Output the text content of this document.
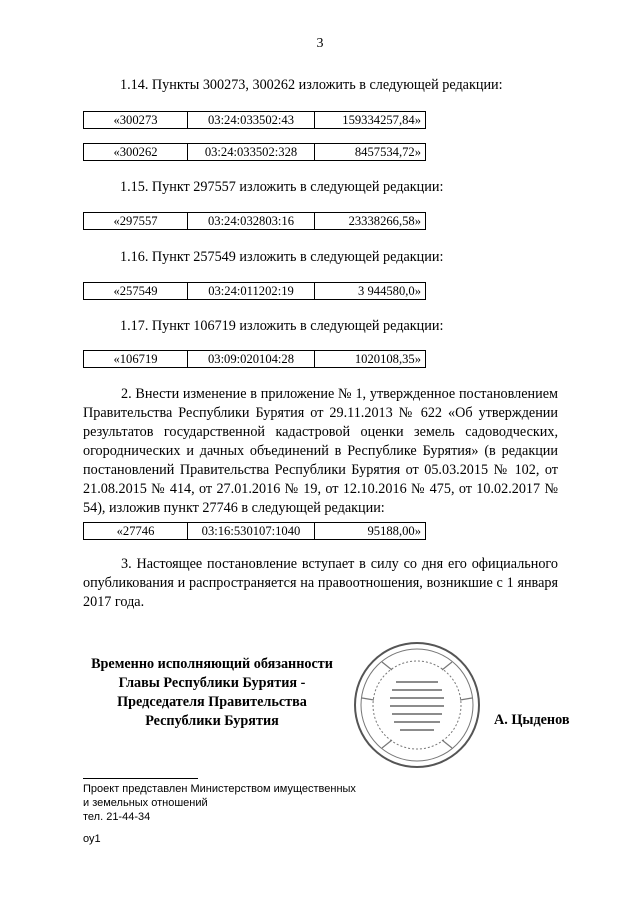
3

1.14. Пункты 300273, 300262 изложить в следующей редакции:

«300273	03:24:033502:43	159334257,84»
«300262	03:24:033502:328	8457534,72»

1.15. Пункт 297557 изложить в следующей редакции:

«297557	03:24:032803:16	23338266,58»

1.16. Пункт 257549 изложить в следующей редакции:

«257549	03:24:011202:19	3 944580,0»

1.17. Пункт 106719 изложить в следующей редакции:

«106719	03:09:020104:28	1020108,35»

2. Внести изменение в приложение № 1, утвержденное постановлением Правительства Республики Бурятия от 29.11.2013 № 622 «Об утверждении результатов государственной кадастровой оценки земель садоводческих, огороднических и дачных объединений в Республике Бурятия» (в редакции постановлений Правительства Республики Бурятия от 05.03.2015 № 102, от 21.08.2015 № 414, от 27.01.2016 № 19, от 12.10.2016 № 475, от 10.02.2017 № 54), изложив пункт 27746 в следующей редакции:

«27746	03:16:530107:1040	95188,00»

3. Настоящее постановление вступает в силу со дня его официального опубликования и распространяется на правоотношения, возникшие с 1 января 2017 года.

Временно исполняющий обязанности
Главы Республики Бурятия -
Председателя Правительства
Республики Бурятия	А. Цыденов
Проект представлен Министерством имущественных
и земельных отношений
тел. 21-44-34
оу1
